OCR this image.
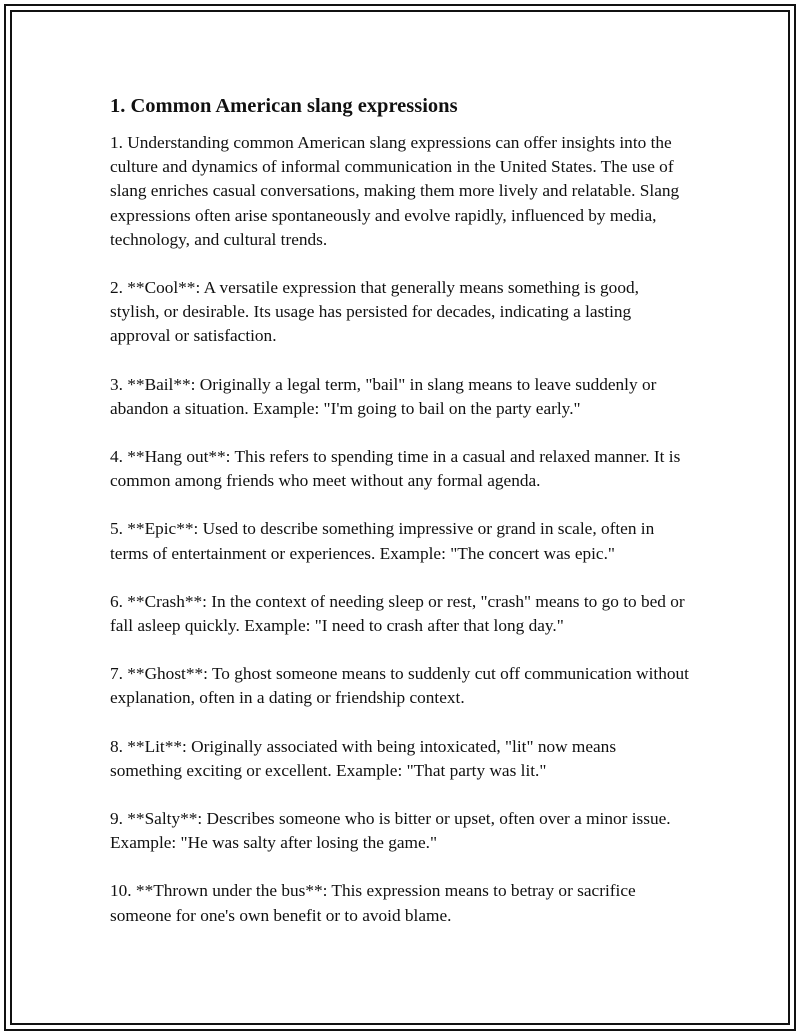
1. Common American slang expressions

1. Understanding common American slang expressions can offer insights into the culture and dynamics of informal communication in the United States. The use of slang enriches casual conversations, making them more lively and relatable. Slang expressions often arise spontaneously and evolve rapidly, influenced by media, technology, and cultural trends.

2. **Cool**: A versatile expression that generally means something is good, stylish, or desirable. Its usage has persisted for decades, indicating a lasting approval or satisfaction.

3. **Bail**: Originally a legal term, "bail" in slang means to leave suddenly or abandon a situation. Example: "I'm going to bail on the party early."

4. **Hang out**: This refers to spending time in a casual and relaxed manner. It is common among friends who meet without any formal agenda.

5. **Epic**: Used to describe something impressive or grand in scale, often in terms of entertainment or experiences. Example: "The concert was epic."

6. **Crash**: In the context of needing sleep or rest, "crash" means to go to bed or fall asleep quickly. Example: "I need to crash after that long day."

7. **Ghost**: To ghost someone means to suddenly cut off communication without explanation, often in a dating or friendship context.

8. **Lit**: Originally associated with being intoxicated, "lit" now means something exciting or excellent. Example: "That party was lit."

9. **Salty**: Describes someone who is bitter or upset, often over a minor issue. Example: "He was salty after losing the game."

10. **Thrown under the bus**: This expression means to betray or sacrifice someone for one's own benefit or to avoid blame.
